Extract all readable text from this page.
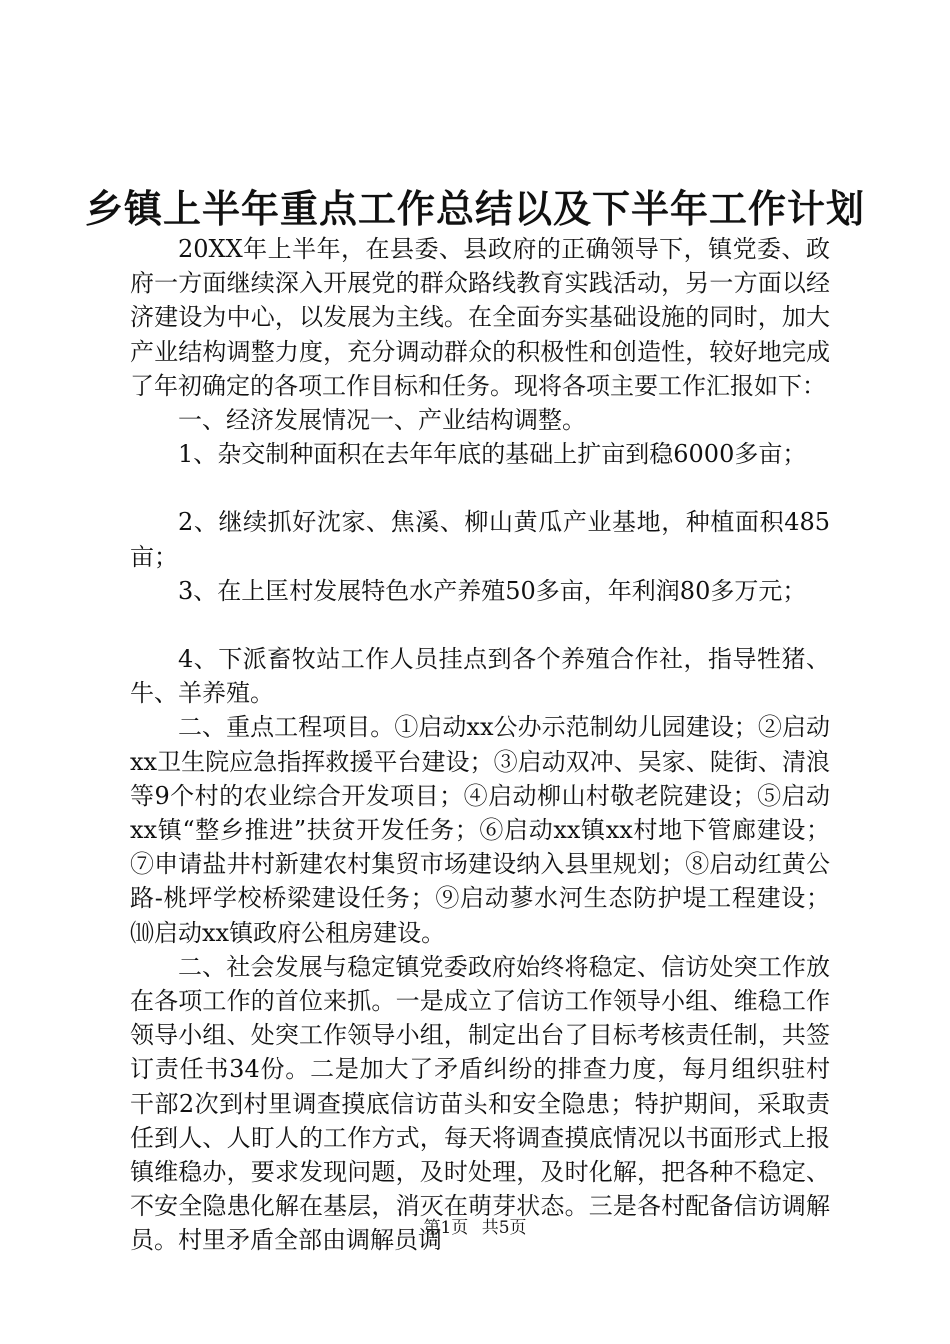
乡镇上半年重点工作总结以及下半年工作计划

20XX年上半年，在县委、县政府的正确领导下，镇党委、政府一方面继续深入开展党的群众路线教育实践活动，另一方面以经济建设为中心，以发展为主线。在全面夯实基础设施的同时，加大产业结构调整力度，充分调动群众的积极性和创造性，较好地完成了年初确定的各项工作目标和任务。现将各项主要工作汇报如下：

一、经济发展情况一、产业结构调整。

1、杂交制种面积在去年年底的基础上扩亩到稳6000多亩；

2、继续抓好沈家、焦溪、柳山黄瓜产业基地，种植面积485亩；

3、在上匡村发展特色水产养殖50多亩，年利润80多万元；

4、下派畜牧站工作人员挂点到各个养殖合作社，指导牲猪、牛、羊养殖。

二、重点工程项目。①启动xx公办示范制幼儿园建设；②启动xx卫生院应急指挥救援平台建设；③启动双冲、吴家、陡街、清浪等9个村的农业综合开发项目；④启动柳山村敬老院建设；⑤启动xx镇“整乡推进”扶贫开发任务；⑥启动xx镇xx村地下管廊建设；⑦申请盐井村新建农村集贸市场建设纳入县里规划；⑧启动红黄公路-桃坪学校桥梁建设任务；⑨启动蓼水河生态防护堤工程建设；⑽启动xx镇政府公租房建设。

二、社会发展与稳定镇党委政府始终将稳定、信访处突工作放在各项工作的首位来抓。一是成立了信访工作领导小组、维稳工作领导小组、处突工作领导小组，制定出台了目标考核责任制，共签订责任书34份。二是加大了矛盾纠纷的排查力度，每月组织驻村干部2次到村里调查摸底信访苗头和安全隐患；特护期间，采取责任到人、人盯人的工作方式，每天将调查摸底情况以书面形式上报镇维稳办，要求发现问题，及时处理，及时化解，把各种不稳定、不安全隐患化解在基层，消灭在萌芽状态。三是各村配备信访调解员。村里矛盾全部由调解员调

第1页 共5页
